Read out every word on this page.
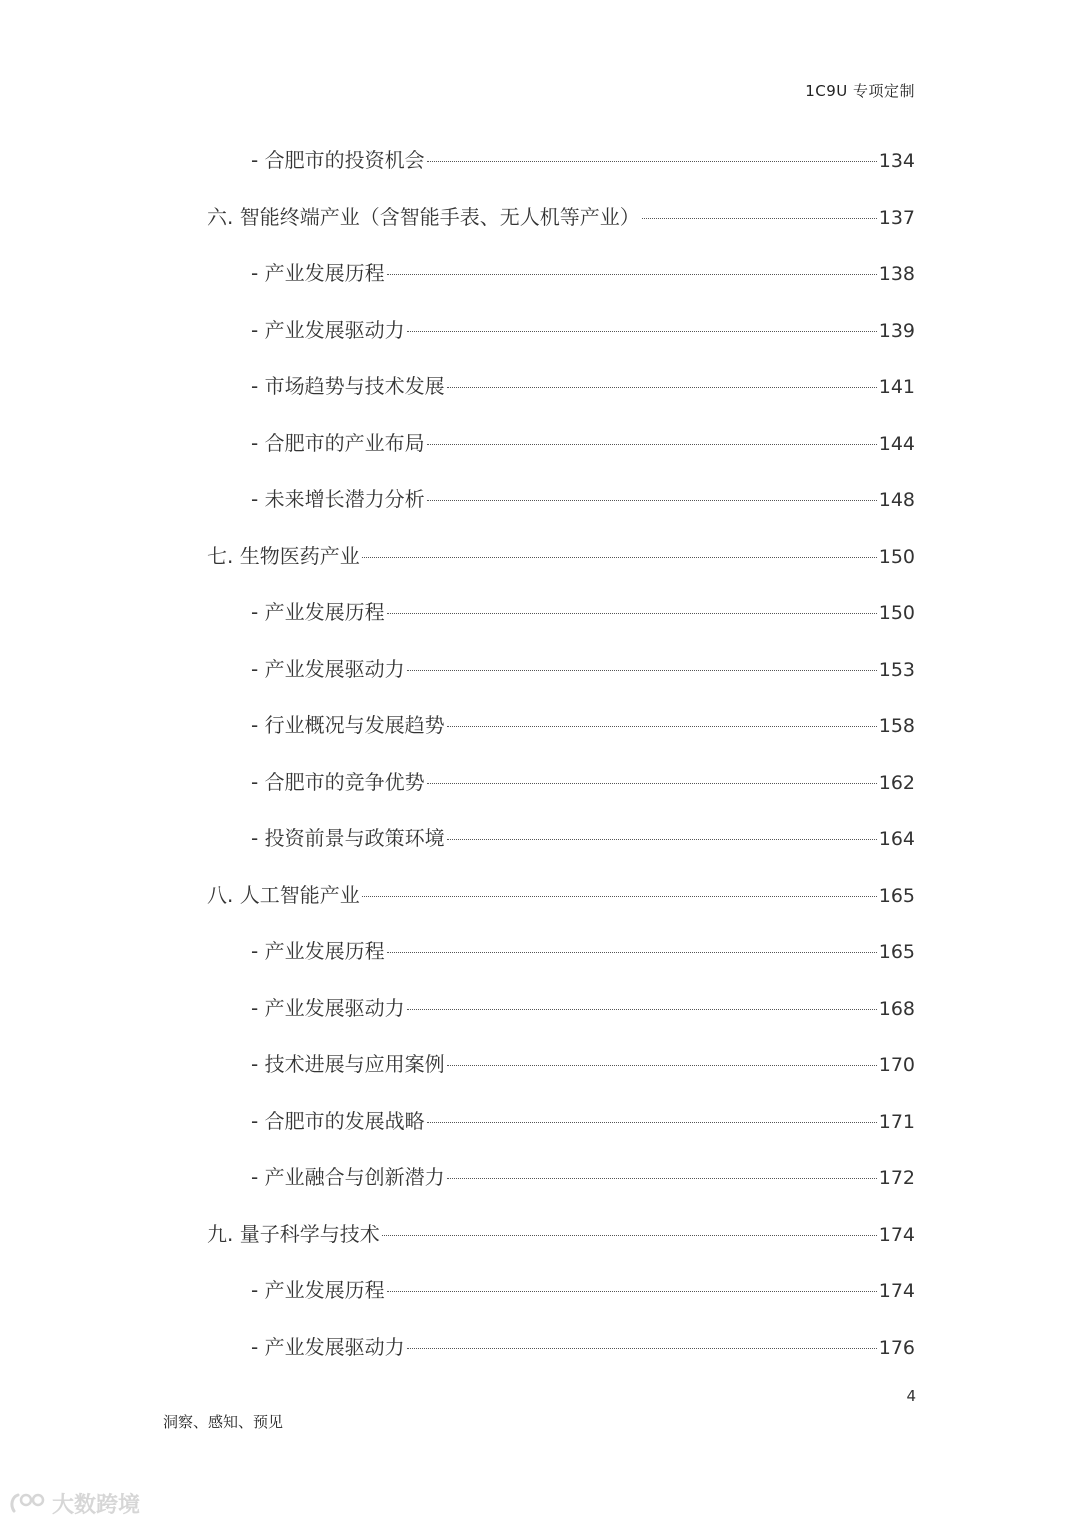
1C9U 专项定制
- 合肥市的投资机会	134
六. 智能终端产业（含智能手表、无人机等产业）	137
- 产业发展历程	138
- 产业发展驱动力	139
- 市场趋势与技术发展	141
- 合肥市的产业布局	144
- 未来增长潜力分析	148
七. 生物医药产业	150
- 产业发展历程	150
- 产业发展驱动力	153
- 行业概况与发展趋势	158
- 合肥市的竞争优势	162
- 投资前景与政策环境	164
八. 人工智能产业	165
- 产业发展历程	165
- 产业发展驱动力	168
- 技术进展与应用案例	170
- 合肥市的发展战略	171
- 产业融合与创新潜力	172
九. 量子科学与技术	174
- 产业发展历程	174
- 产业发展驱动力	176
4
洞察、感知、预见
大数跨境
